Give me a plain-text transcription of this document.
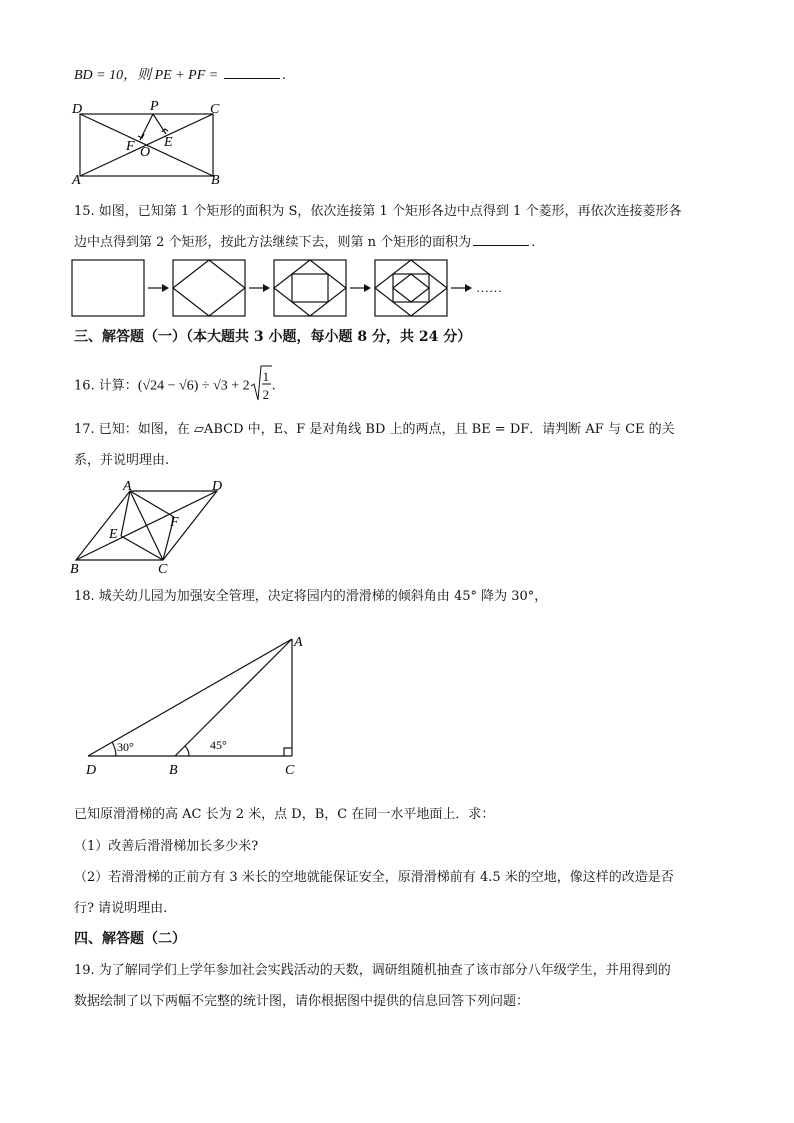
BD = 10，则 PE + PF =	.
D	P	C
F O
E
A	B
15. 如图，已知第 1 个矩形的面积为 S，依次连接第 1 个矩形各边中点得到 1 个菱形，再依次连接菱形各
边中点得到第 2 个矩形，按此方法继续下去，则第 n 个矩形的面积为	.
……
三、解答题（一）（本大题共 3 小题，每小题 8 分，共 24 分）
16. 计算：(√24 − √6) ÷ √3 + 2
1
2
.
17. 已知：如图，在 ▱ABCD 中，E、F 是对角线 BD 上的两点，且 BE = DF．请判断 AF 与 CE 的关
系，并说明理由.
A	D
E
F
B	C
18. 城关幼儿园为加强安全管理，决定将园内的滑滑梯的倾斜角由 45° 降为 30°，
A
D	B	C
30°	45°
已知原滑滑梯的高 AC 长为 2 米，点 D，B，C 在同一水平地面上．求：
（1）改善后滑滑梯加长多少米?
（2）若滑滑梯的正前方有 3 米长的空地就能保证安全，原滑滑梯前有 4.5 米的空地，像这样的改造是否
行? 请说明理由.
四、解答题（二）
19. 为了解同学们上学年参加社会实践活动的天数，调研组随机抽查了该市部分八年级学生，并用得到的
数据绘制了以下两幅不完整的统计图，请你根据图中提供的信息回答下列问题：
